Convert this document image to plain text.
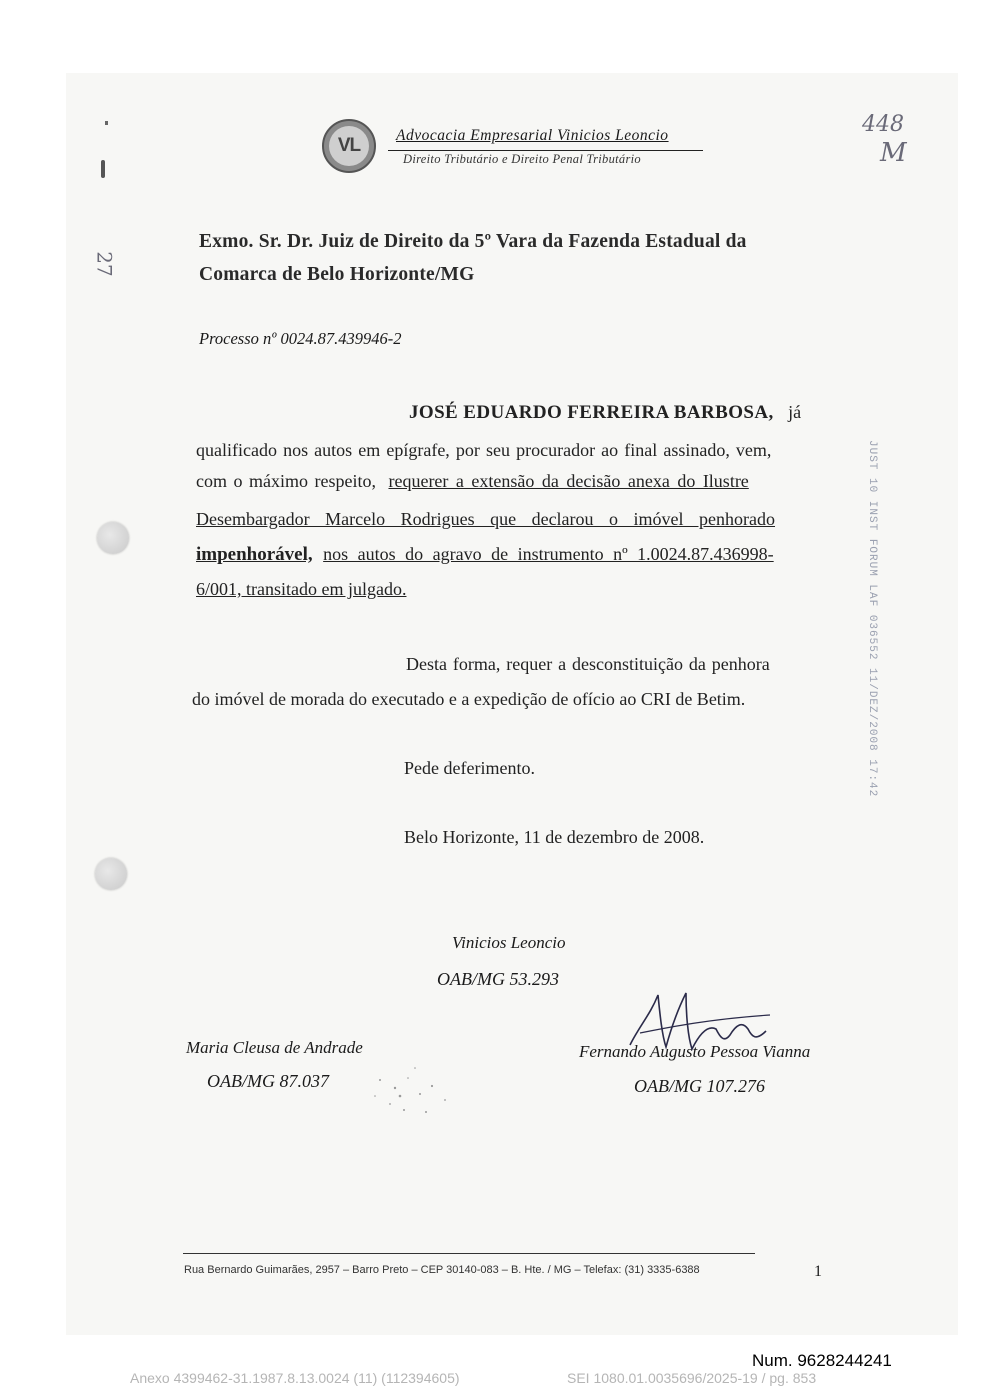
27
448
M
VL	Advocacia Empresarial Vinicios Leoncio
Direito Tributário e Direito Penal Tributário
Exmo. Sr. Dr. Juiz de Direito da 5º Vara da Fazenda Estadual da
Comarca de Belo Horizonte/MG
Processo nº 0024.87.439946-2
JOSÉ EDUARDO FERREIRA BARBOSA, já
qualificado nos autos em epígrafe, por seu procurador ao final assinado, vem,
com o máximo respeito, requerer a extensão da decisão anexa do Ilustre
Desembargador Marcelo Rodrigues que declarou o imóvel penhorado
impenhorável, nos autos do agravo de instrumento nº 1.0024.87.436998-
6/001, transitado em julgado.
Desta forma, requer a desconstituição da penhora
do imóvel de morada do executado e a expedição de ofício ao CRI de Betim.
Pede deferimento.
Belo Horizonte, 11 de dezembro de 2008.
Vinicios Leoncio
OAB/MG 53.293
Maria Cleusa de Andrade
OAB/MG 87.037
Fernando Augusto Pessoa Vianna
OAB/MG 107.276
JUST 10 INST FORUM LAF 036552 11/DEZ/2008 17:42
Rua Bernardo Guimarães, 2957 – Barro Preto – CEP 30140-083 – B. Hte. / MG – Telefax: (31) 3335-6388	1
Num. 9628244241
Anexo 4399462-31.1987.8.13.0024 (11) (112394605)	SEI 1080.01.0035696/2025-19 / pg. 853
